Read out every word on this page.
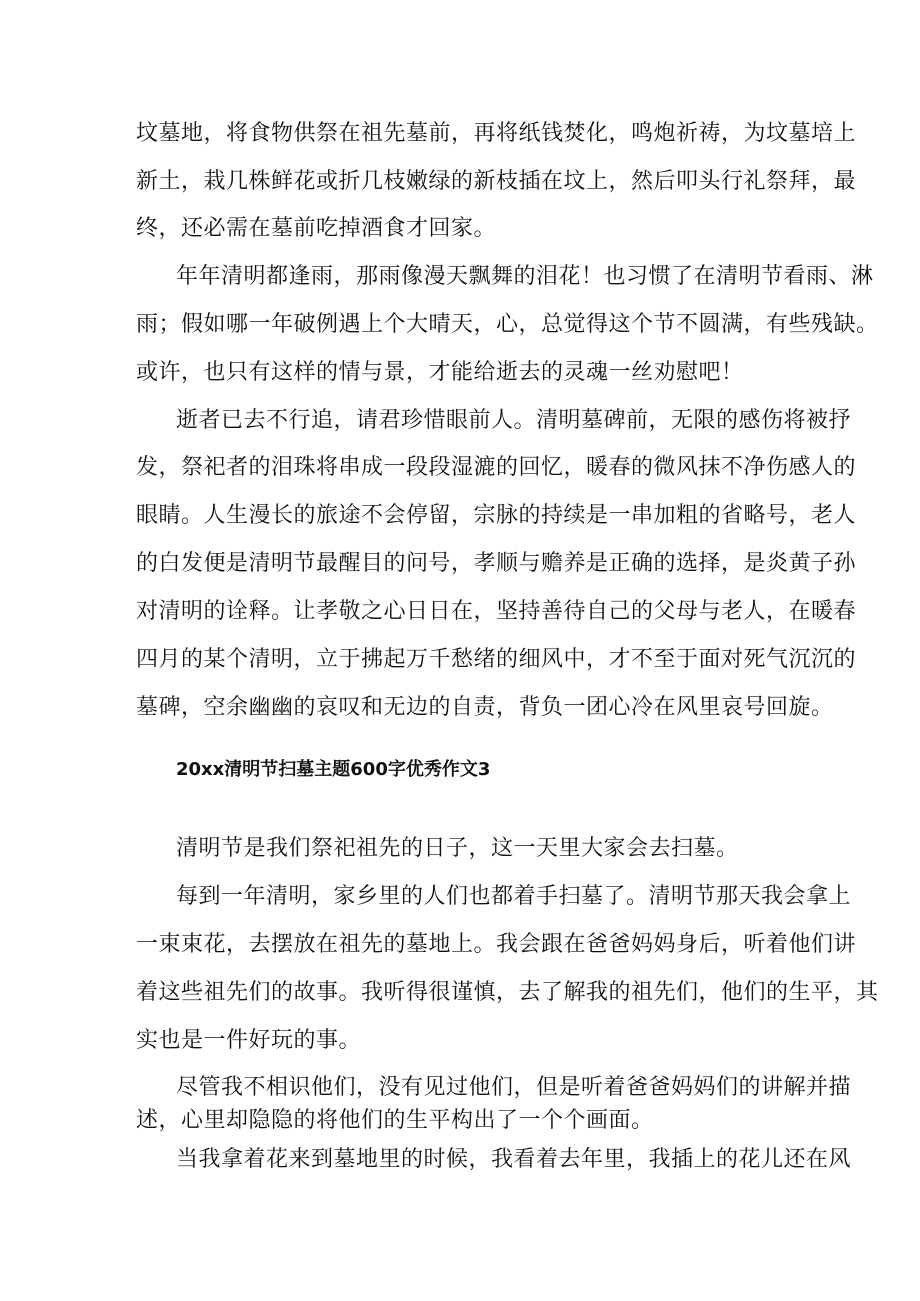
坟墓地，将食物供祭在祖先墓前，再将纸钱焚化，鸣炮祈祷，为坟墓培上
新土，栽几株鲜花或折几枝嫩绿的新枝插在坟上，然后叩头行礼祭拜，最
终，还必需在墓前吃掉酒食才回家。
年年清明都逢雨，那雨像漫天飘舞的泪花！也习惯了在清明节看雨、淋
雨；假如哪一年破例遇上个大晴天，心，总觉得这个节不圆满，有些残缺。
或许，也只有这样的情与景，才能给逝去的灵魂一丝劝慰吧！
逝者已去不行追，请君珍惜眼前人。清明墓碑前，无限的感伤将被抒
发，祭祀者的泪珠将串成一段段湿漉的回忆，暖春的微风抹不净伤感人的
眼睛。人生漫长的旅途不会停留，宗脉的持续是一串加粗的省略号，老人
的白发便是清明节最醒目的问号，孝顺与赡养是正确的选择，是炎黄子孙
对清明的诠释。让孝敬之心日日在，坚持善待自己的父母与老人，在暖春
四月的某个清明，立于拂起万千愁绪的细风中，才不至于面对死气沉沉的
墓碑，空余幽幽的哀叹和无边的自责，背负一团心冷在风里哀号回旋。
20xx清明节扫墓主题600字优秀作文3
清明节是我们祭祀祖先的日子，这一天里大家会去扫墓。
每到一年清明，家乡里的人们也都着手扫墓了。清明节那天我会拿上
一束束花，去摆放在祖先的墓地上。我会跟在爸爸妈妈身后，听着他们讲
着这些祖先们的故事。我听得很谨慎，去了解我的祖先们，他们的生平，其
实也是一件好玩的事。
尽管我不相识他们，没有见过他们，但是听着爸爸妈妈们的讲解并描
述，心里却隐隐的将他们的生平构出了一个个画面。
当我拿着花来到墓地里的时候，我看着去年里，我插上的花儿还在风
